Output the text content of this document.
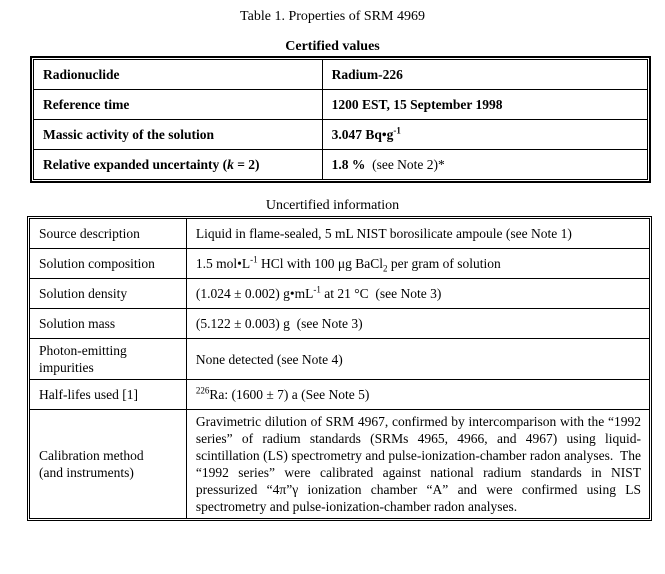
Table 1. Properties of SRM 4969
Certified values
Radionuclide	Radium-226
Reference time	1200 EST, 15 September 1998
Massic activity of the solution	3.047 $Bq•g^{-1}$
Relative expanded uncertainty (k = 2)	1.8 %  (see Note 2)*
Uncertified information
Source description	Liquid in flame-sealed, 5 mL NIST borosilicate ampoule (see Note 1)
Solution composition	1.5 $mol•L^{-1}$ HCl with 100 μg BaCl$_2$ per gram of solution
Solution density	(1.024 ± 0.002) $g•mL^{-1}$ at 21 °C  (see Note 3)
Solution mass	(5.122 ± 0.003) g  (see Note 3)
Photon-emitting impurities	None detected (see Note 4)
Half-lifes used [1]	$^{226}$Ra: (1600 ± 7) a (See Note 5)
Calibration method
(and instruments)	Gravimetric dilution of SRM 4967, confirmed by intercomparison with the “1992 series” of radium standards (SRMs 4965, 4966, and 4967) using liquid-scintillation (LS) spectrometry and pulse-ionization-chamber radon analyses.  The “1992 series” were calibrated against national radium standards in NIST pressurized “4π”γ ionization chamber “A” and were confirmed using LS spectrometry and pulse-ionization-chamber radon analyses.
